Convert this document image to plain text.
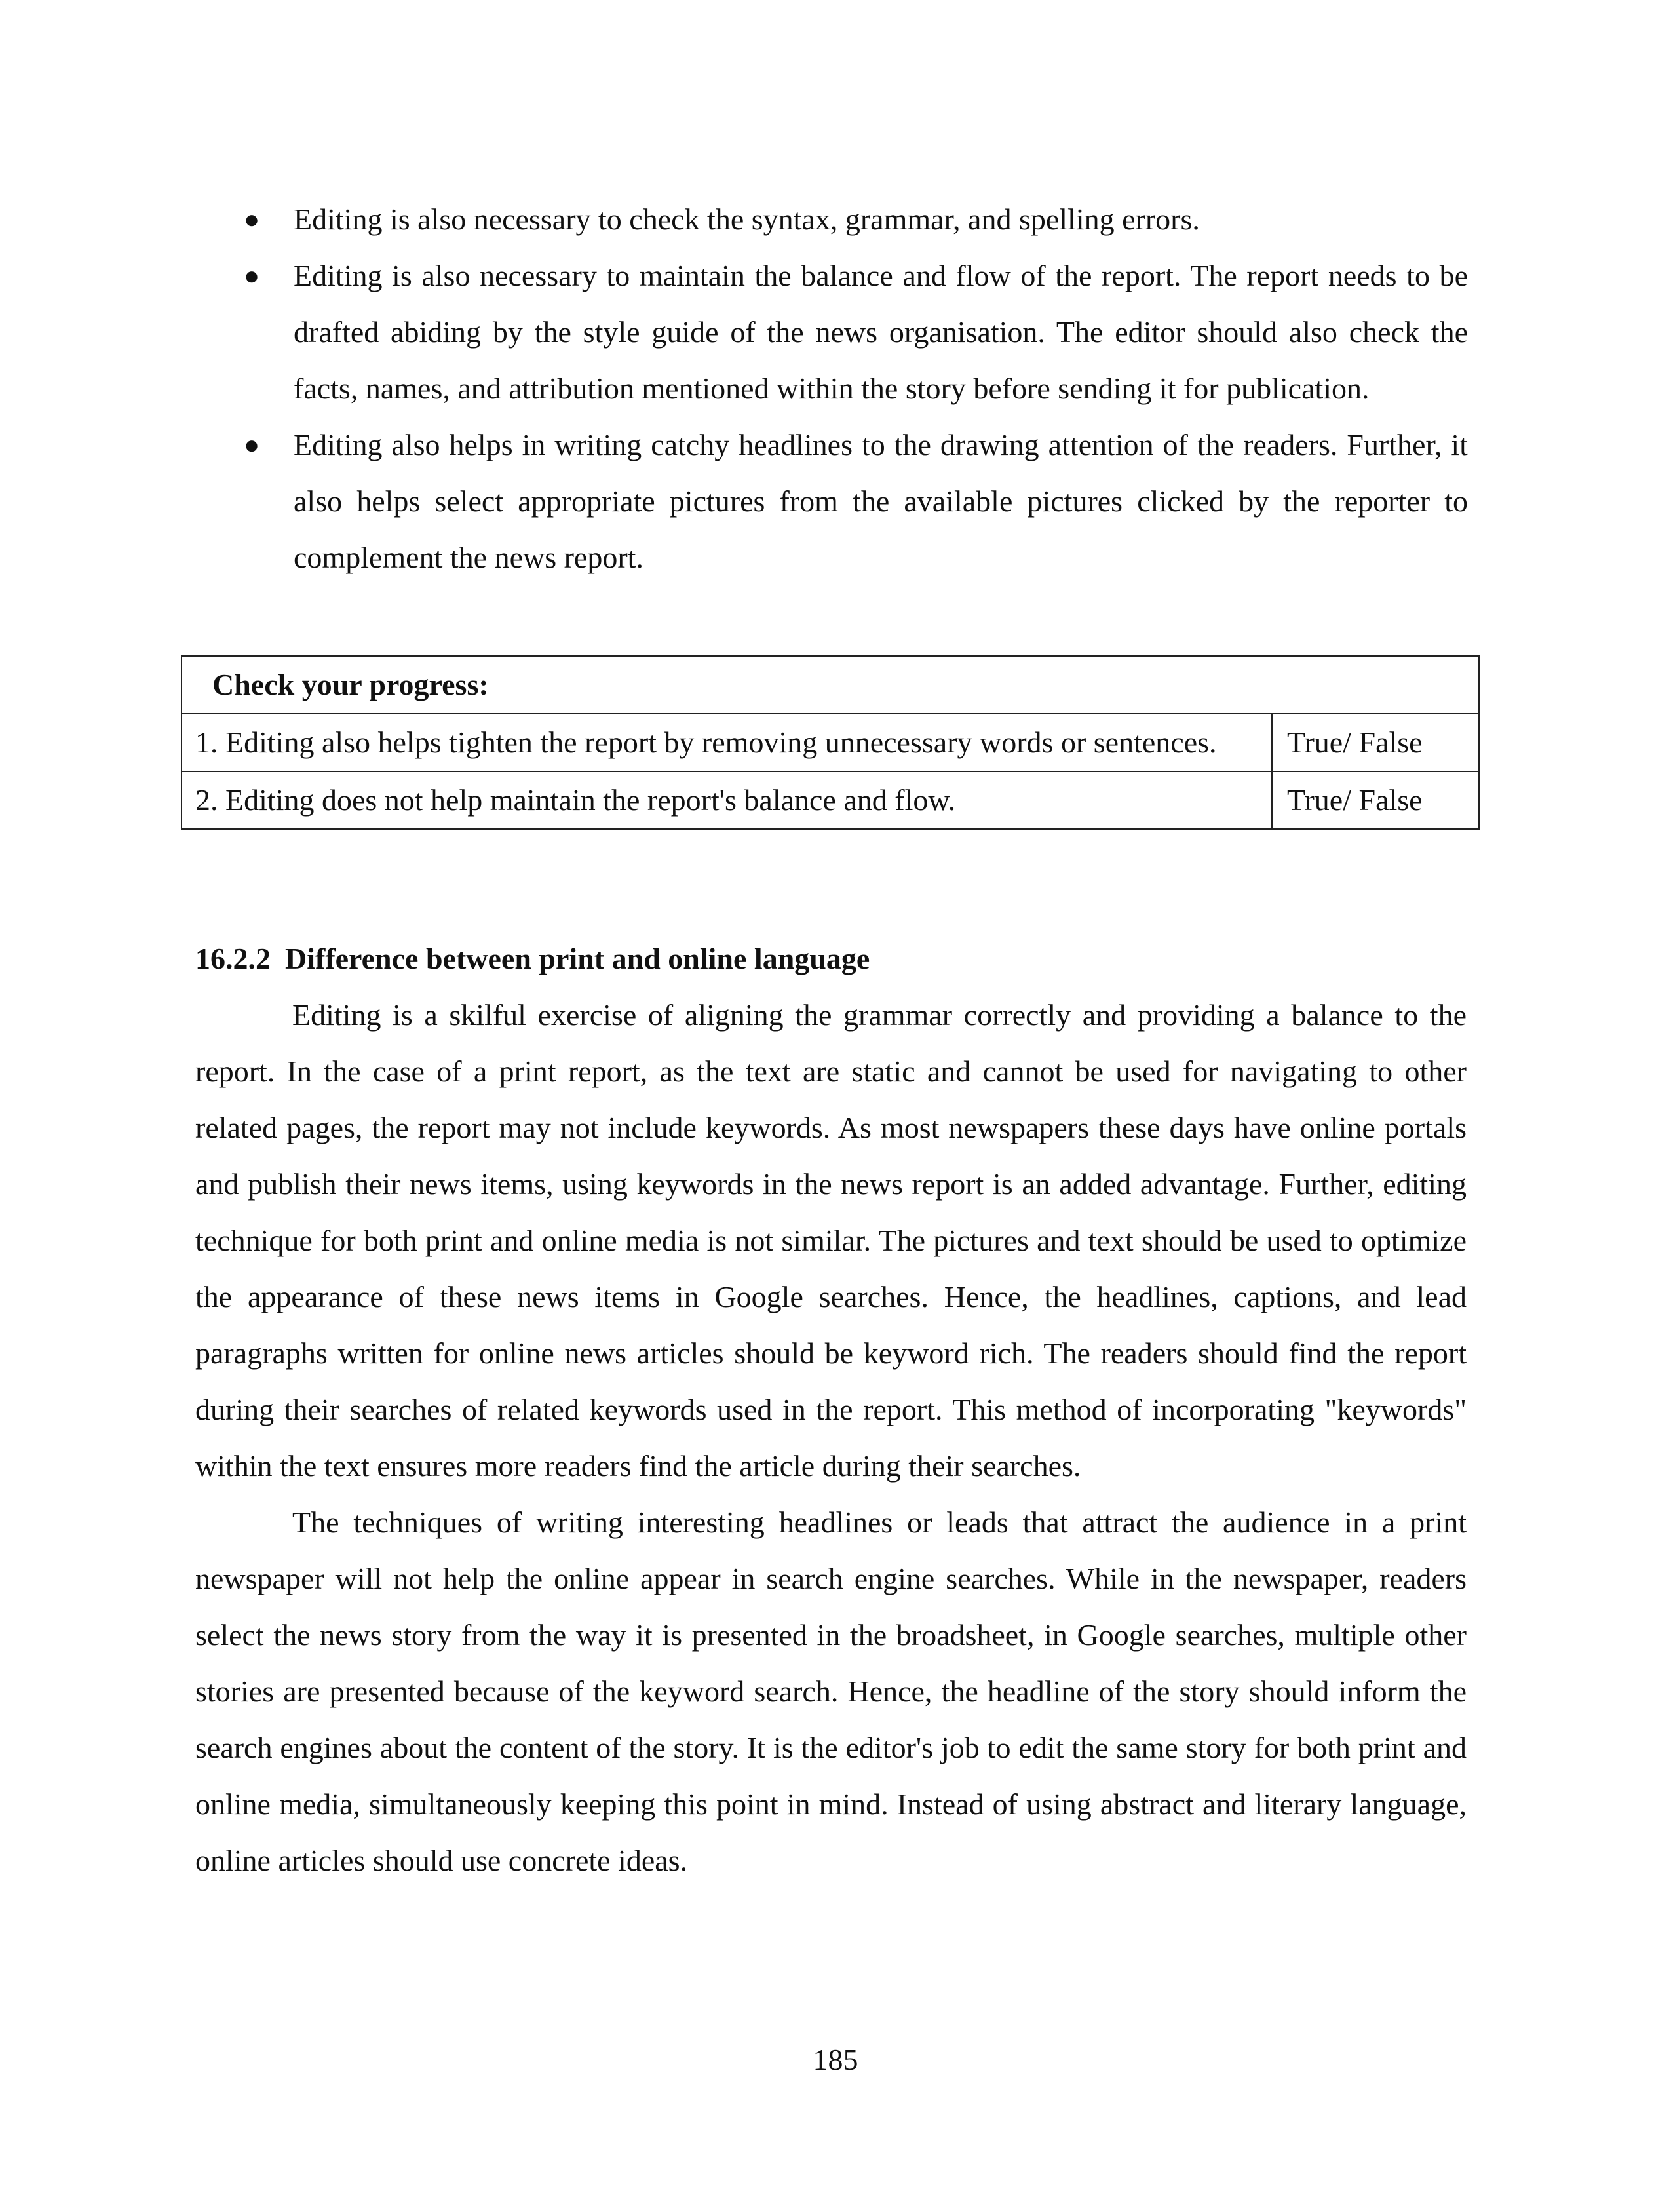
● Editing is also necessary to check the syntax, grammar, and spelling errors.
● Editing is also necessary to maintain the balance and flow of the report. The report needs to be drafted abiding by the style guide of the news organisation. The editor should also check the facts, names, and attribution mentioned within the story before sending it for publication.
● Editing also helps in writing catchy headlines to the drawing attention of the readers. Further, it also helps select appropriate pictures from the available pictures clicked by the reporter to complement the news report.
Check your progress:	
1. Editing also helps tighten the report by removing unnecessary words or sentences.	True/ False
2. Editing does not help maintain the report's balance and flow.	True/ False
16.2.2 Difference between print and online language

Editing is a skilful exercise of aligning the grammar correctly and providing a balance to the report. In the case of a print report, as the text are static and cannot be used for navigating to other related pages, the report may not include keywords. As most newspapers these days have online portals and publish their news items, using keywords in the news report is an added advantage. Further, editing technique for both print and online media is not similar. The pictures and text should be used to optimize the appearance of these news items in Google searches. Hence, the headlines, captions, and lead paragraphs written for online news articles should be keyword rich. The readers should find the report during their searches of related keywords used in the report. This method of incorporating "keywords" within the text ensures more readers find the article during their searches.

The techniques of writing interesting headlines or leads that attract the audience in a print newspaper will not help the online appear in search engine searches. While in the newspaper, readers select the news story from the way it is presented in the broadsheet, in Google searches, multiple other stories are presented because of the keyword search. Hence, the headline of the story should inform the search engines about the content of the story. It is the editor's job to edit the same story for both print and online media, simultaneously keeping this point in mind. Instead of using abstract and literary language, online articles should use concrete ideas.

185
